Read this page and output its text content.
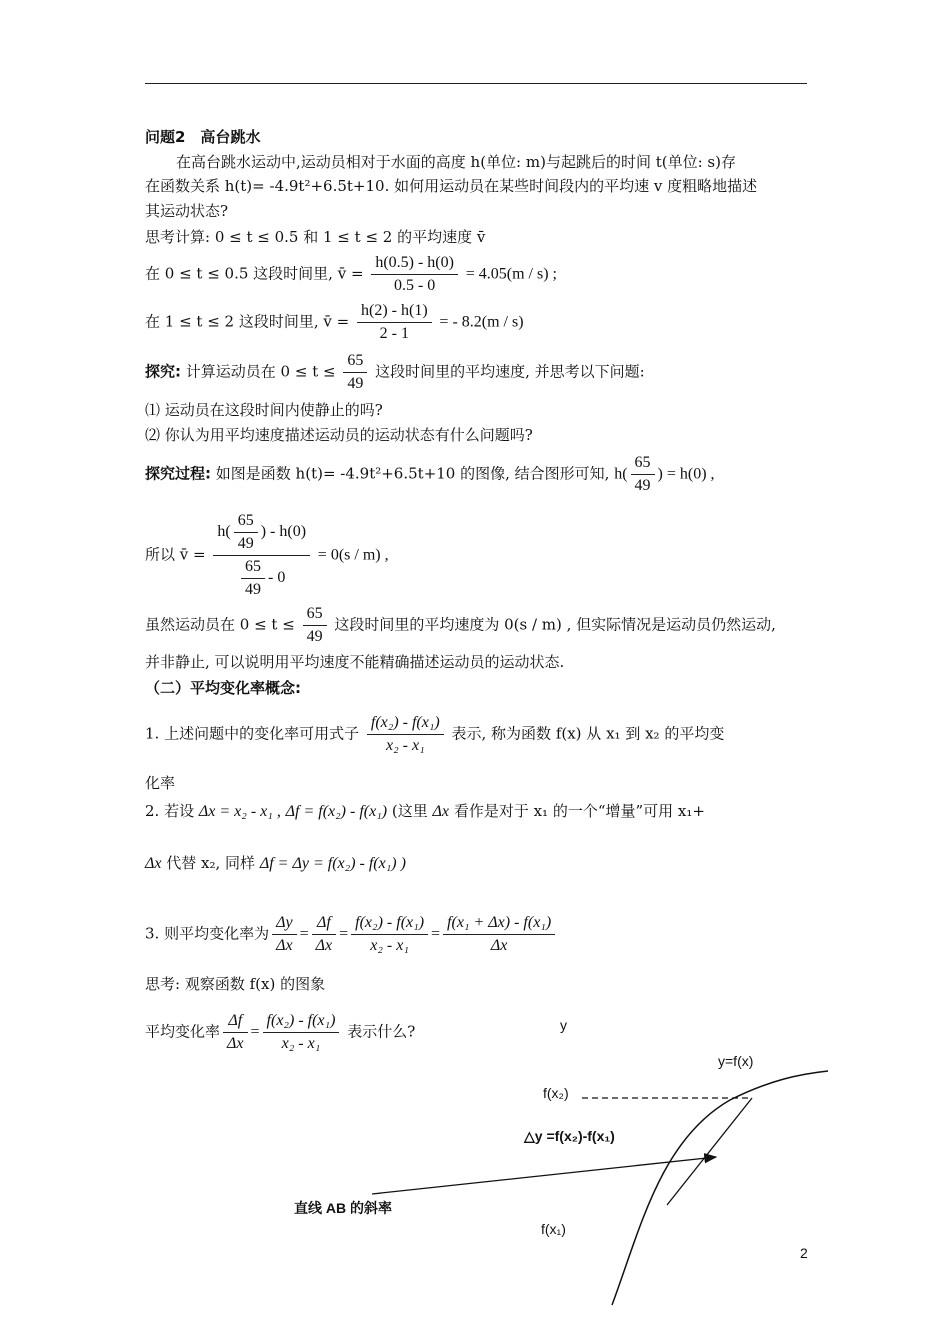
问题2　高台跳水
在高台跳水运动中,运动员相对于水面的高度 h(单位: m)与起跳后的时间 t(单位: s)存
在函数关系 h(t)= -4.9t²+6.5t+10. 如何用运动员在某些时间段内的平均速 v 度粗略地描述
其运动状态?
思考计算: 0 ≤ t ≤ 0.5 和 1 ≤ t ≤ 2 的平均速度 v̄
在 0 ≤ t ≤ 0.5 这段时间里, v̄ = $\frac{h(0.5) - h(0)}{0.5 - 0} = 4.05(m / s)$ ;
在 1 ≤ t ≤ 2 这段时间里, v̄ = $\frac{h(2) - h(1)}{2 - 1}$ = - 8.2(m / s)
探究: 计算运动员在 $0 \le t \le \frac{65}{49}$ 这段时间里的平均速度, 并思考以下问题:
⑴ 运动员在这段时间内使静止的吗?
⑵ 你认为用平均速度描述运动员的运动状态有什么问题吗?
探究过程: 如图是函数 h(t)= -4.9t²+6.5t+10 的图像, 结合图形可知, $h( \frac{65}{49}$ ) = h(0) ,
所以 v̄ = $\frac{h( \frac{65}{49} ) - h(0)}{\frac{65}{49} - 0} = 0(s / m)$ ,
虽然运动员在 $0 \le t \le \frac{65}{49}$ 这段时间里的平均速度为 0(s / m) , 但实际情况是运动员仍然运动,
并非静止, 可以说明用平均速度不能精确描述运动员的运动状态.
（二）平均变化率概念:
1. 上述问题中的变化率可用式子 $\frac{\text{f(x₂) - f(x₁)}}{\text{x₂ - x₁}}$ 表示, 称为函数 f(x) 从 x₁ 到 x₂ 的平均变
化率
2. 若设 Δx = x₂ - x₁ , Δf = f(x₂) - f(x₁) (这里 Δx 看作是对于 x₁ 的一个“增量”可用 x₁+
Δx 代替 x₂, 同样 Δf = Δy = f(x₂) - f(x₁) )
3. 则平均变化率为 $\frac{\Delta y}{\Delta x} = \frac{\Delta f}{\Delta x} = \frac{\text{f(x₂) - f(x₁)}}{\text{x₂ - x₁}} = \frac{\text{f(x₁ + Δx) - f(x₁)}}{\Delta x}$
思考: 观察函数 f(x) 的图象
平均变化率 $\frac{\Delta f}{\Delta x} = \frac{\text{f(x₂) - f(x₁)}}{\text{x₂ - x₁}}$ 表示什么?	y
y=f(x)
f(x₂)
△y =f(x₂)-f(x₁)
直线 AB 的斜率
f(x₁)
2
